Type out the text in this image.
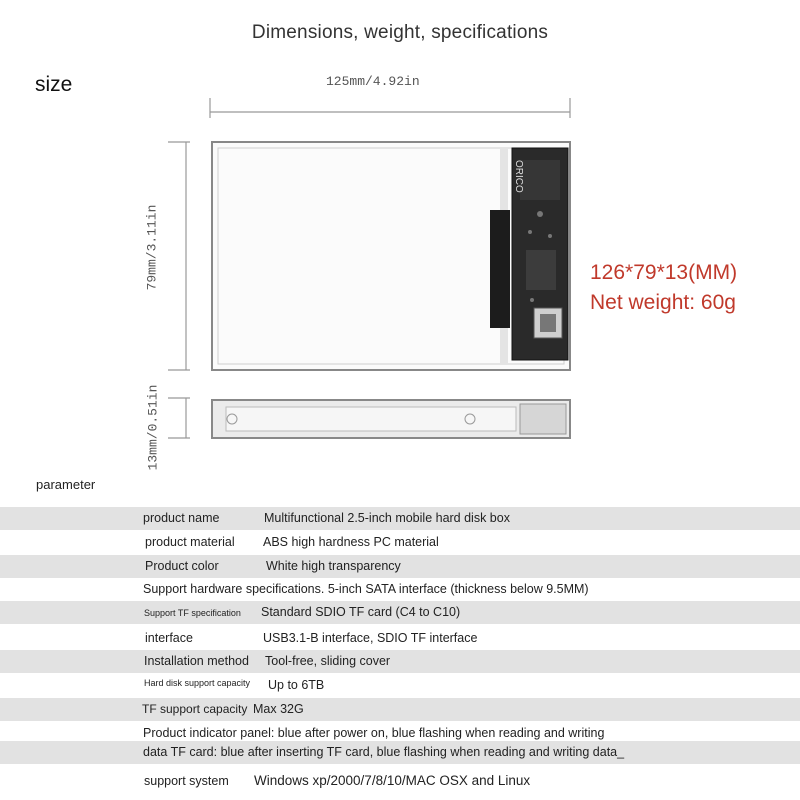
Dimensions, weight, specifications
size	125mm/4.92in
79mm/3.11in
13mm/0.51in
ORICO
126*79*13(MM)
Net weight: 60g
parameter
product name	Multifunctional 2.5-inch mobile hard disk box
product material ABS high hardness PC material
Product color	White high transparency
Support hardware specifications. 5-inch SATA interface (thickness below 9.5MM)
Support TF specification Standard SDIO TF card (C4 to C10)
interface	USB3.1-B interface, SDIO TF interface
Installation method Tool-free, sliding cover
Hard disk support capacity Up to 6TB
TF support capacity Max 32G
Product indicator panel: blue after power on, blue flashing when reading and writing
data TF card: blue after inserting TF card, blue flashing when reading and writing data_
support system Windows xp/2000/7/8/10/MAC OSX and Linux
